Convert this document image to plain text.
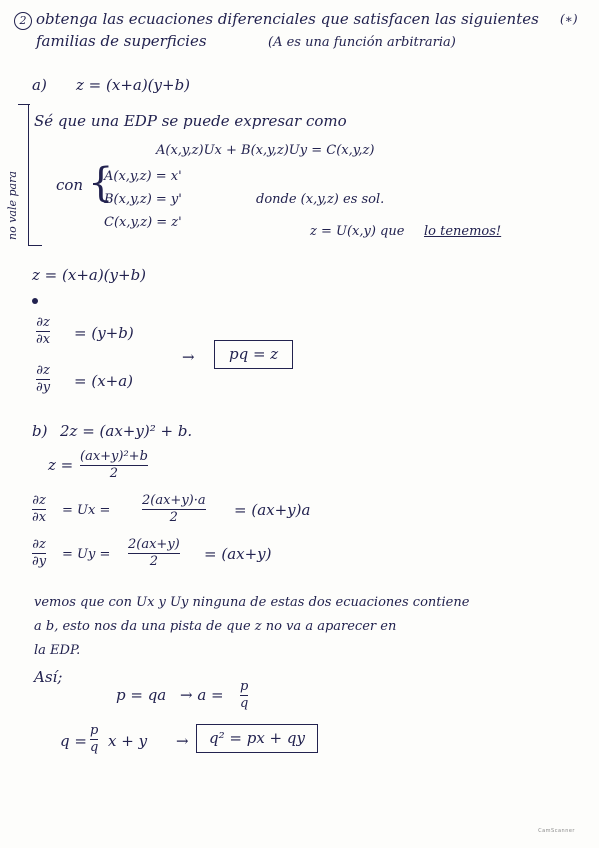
2 obtenga las ecuaciones diferenciales que satisfacen las siguientes (∗)
familias de superficies	(A es una función arbitraria)
a) z = (x+a)(y+b)
no vale para
Sé que una EDP se puede expresar como
A(x,y,z)Ux + B(x,y,z)Uy = C(x,y,z)
con {
A(x,y,z) = x'
B(x,y,z) = y'
C(x,y,z) = z'
donde (x,y,z) es sol.
z = U(x,y) que lo tenemos!
z = (x+a)(y+b)
∂z
∂x = (y+b)
∂z
∂y = (x+a)
→	pq = z
b) 2z = (ax+y)² + b.
z = (ax+y)²+b
2
∂z
∂x = Ux =
2(ax+y)·a
2	= (ax+y)a
∂z
∂y = Uy =
2(ax+y)
2	= (ax+y)
vemos que con Ux y Uy ninguna de estas dos ecuaciones contiene
a b, esto nos da una pista de que z no va a aparecer en
la EDP.
Así;
p = qa → a = p
q
q =
p
q x + y →	q² = px + qy
CamScanner
